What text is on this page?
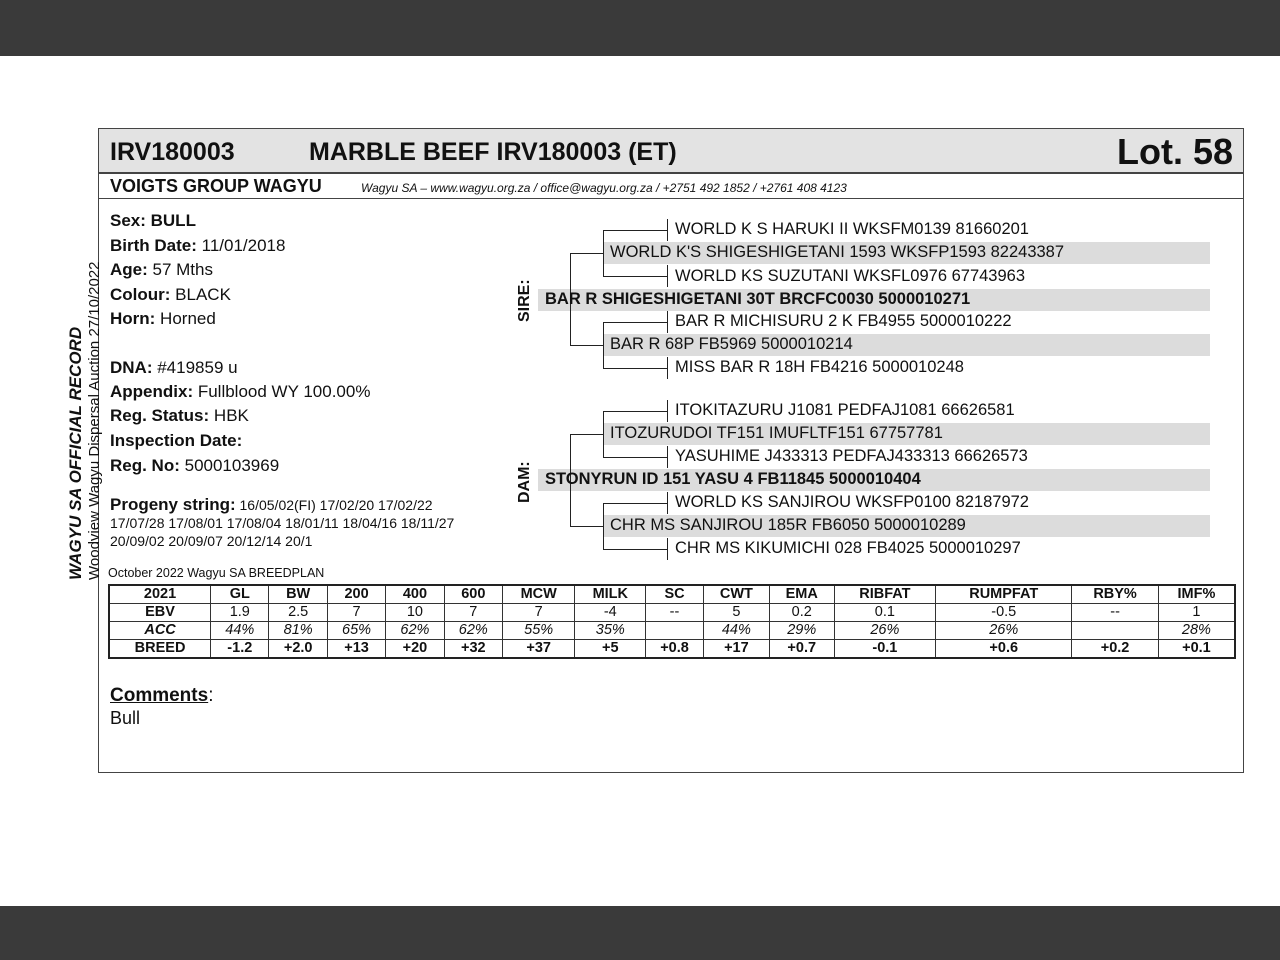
IRV180003	MARBLE BEEF IRV180003 (ET)	Lot. 58
VOIGTS GROUP WAGYU	Wagyu SA – www.wagyu.org.za / office@wagyu.org.za / +2751 492 1852 / +2761 408 4123
WAGYU SA OFFICIAL RECORD Woodview Wagyu Dispersal Auction 27/10/2022
Sex: BULL
Birth Date: 11/01/2018
Age: 57 Mths
Colour: BLACK
Horn: Horned
DNA: #419859 u
Appendix: Fullblood WY 100.00%
Reg. Status: HBK
Inspection Date:
Reg. No: 5000103969
Progeny string: 16/05/02(FI) 17/02/20 17/02/22 17/07/28 17/08/01 17/08/04 18/01/11 18/04/16 18/11/27 20/09/02 20/09/07 20/12/14 20/1
SIRE:
DAM:
WORLD K S HARUKI II WKSFM0139 81660201
WORLD K'S SHIGESHIGETANI 1593 WKSFP1593 82243387
WORLD KS SUZUTANI WKSFL0976 67743963
BAR R SHIGESHIGETANI 30T BRCFC0030 5000010271
BAR R MICHISURU 2 K FB4955 5000010222
BAR R 68P FB5969 5000010214
MISS BAR R 18H FB4216 5000010248
ITOKITAZURU J1081 PEDFAJ1081 66626581
ITOZURUDOI TF151 IMUFLTF151 67757781
YASUHIME J433313 PEDFAJ433313 66626573
STONYRUN ID 151 YASU 4 FB11845 5000010404
WORLD KS SANJIROU WKSFP0100 82187972
CHR MS SANJIROU 185R FB6050 5000010289
CHR MS KIKUMICHI 028 FB4025 5000010297
October 2022 Wagyu SA BREEDPLAN
2021	GL	BW	200	400	600	MCW	MILK	SC	CWT	EMA	RIBFAT	RUMPFAT	RBY%	IMF%
EBV	1.9	2.5	7	10	7	7	-4	--	5	0.2	0.1	-0.5	--	1
ACC	44%	81%	65%	62%	62%	55%	35%		44%	29%	26%	26%		28%
BREED	-1.2	+2.0	+13	+20	+32	+37	+5	+0.8	+17	+0.7	-0.1	+0.6	+0.2	+0.1
Comments:
Bull
